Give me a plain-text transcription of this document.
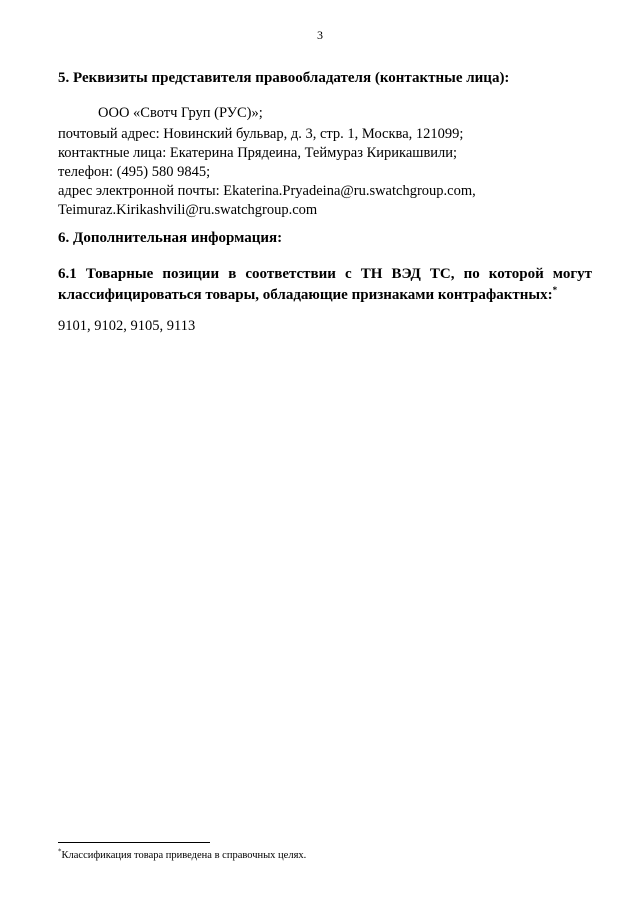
3
5. Реквизиты представителя правообладателя (контактные лица):
ООО «Свотч Груп (РУС)»;
почтовый адрес: Новинский бульвар, д. 3, стр. 1, Москва, 121099;
контактные лица: Екатерина Прядеина, Теймураз Кирикашвили;
телефон: (495) 580 9845;
адрес электронной почты: Ekaterina.Pryadeina@ru.swatchgroup.com,
Teimuraz.Kirikashvili@ru.swatchgroup.com
6. Дополнительная информация:
6.1 Товарные позиции в соответствии с ТН ВЭД ТС, по которой могут
классифицироваться товары, обладающие признаками контрафактных:*
9101, 9102, 9105, 9113
*Классификация товара приведена в справочных целях.
